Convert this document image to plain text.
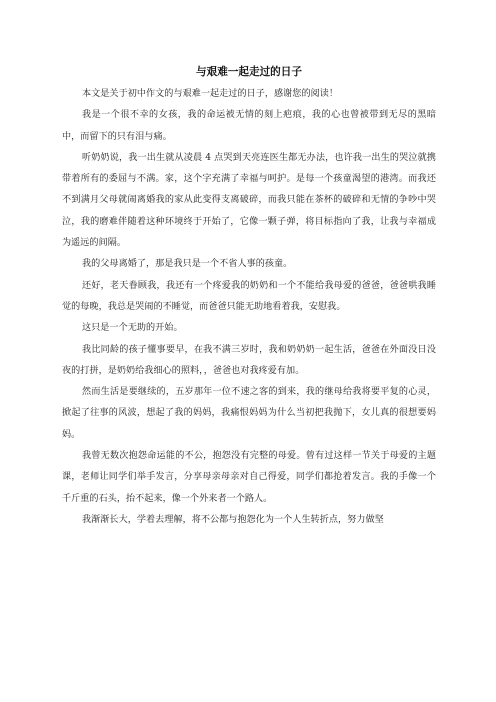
与艰难一起走过的日子

本文是关于初中作文的与艰难一起走过的日子，感谢您的阅读！

我是一个很不幸的女孩，我的命运被无情的刻上疤痕，我的心也曾被带到无尽的黑暗中，而留下的只有泪与痛。

听奶奶说，我一出生就从凌晨 4 点哭到天亮连医生都无办法，也许我一出生的哭泣就携带着所有的委屈与不满。家，这个字充满了幸福与呵护。是每一个孩童渴望的港湾。而我还不到满月父母就闹离婚我的家从此变得支离破碎，而我只能在茶杯的破碎和无情的争吵中哭泣，我的磨难伴随着这种环境终于开始了，它像一颗子弹，将目标指向了我，让我与幸福成为遥远的间隔。

我的父母离婚了，那是我只是一个不省人事的孩童。

还好，老天眷顾我，我还有一个疼爱我的奶奶和一个不能给我母爱的爸爸，爸爸哄我睡觉的每晚，我总是哭闹的不睡觉，而爸爸只能无助地看着我，安慰我。

这只是一个无助的开始。

我比同龄的孩子懂事要早，在我不满三岁时，我和奶奶奶一起生活，爸爸在外面没日没夜的打拼，是奶奶给我细心的照料，，爸爸也对我疼爱有加。

然而生活是要继续的，五岁那年一位不速之客的到来，我的继母给我将要平复的心灵，掀起了往事的风波，想起了我的妈妈，我痛恨妈妈为什么当初把我抛下，女儿真的很想要妈妈。

我曾无数次抱怨命运能的不公，抱怨没有完整的母爱。曾有过这样一节关于母爱的主题课，老师让同学们举手发言，分享母亲母亲对自己得爱，同学们都抢着发言。我的手像一个千斤重的石头，抬不起来，像一个外来者一个路人。

我渐渐长大，学着去理解，将不公都与抱怨化为一个人生转折点，努力做坚
